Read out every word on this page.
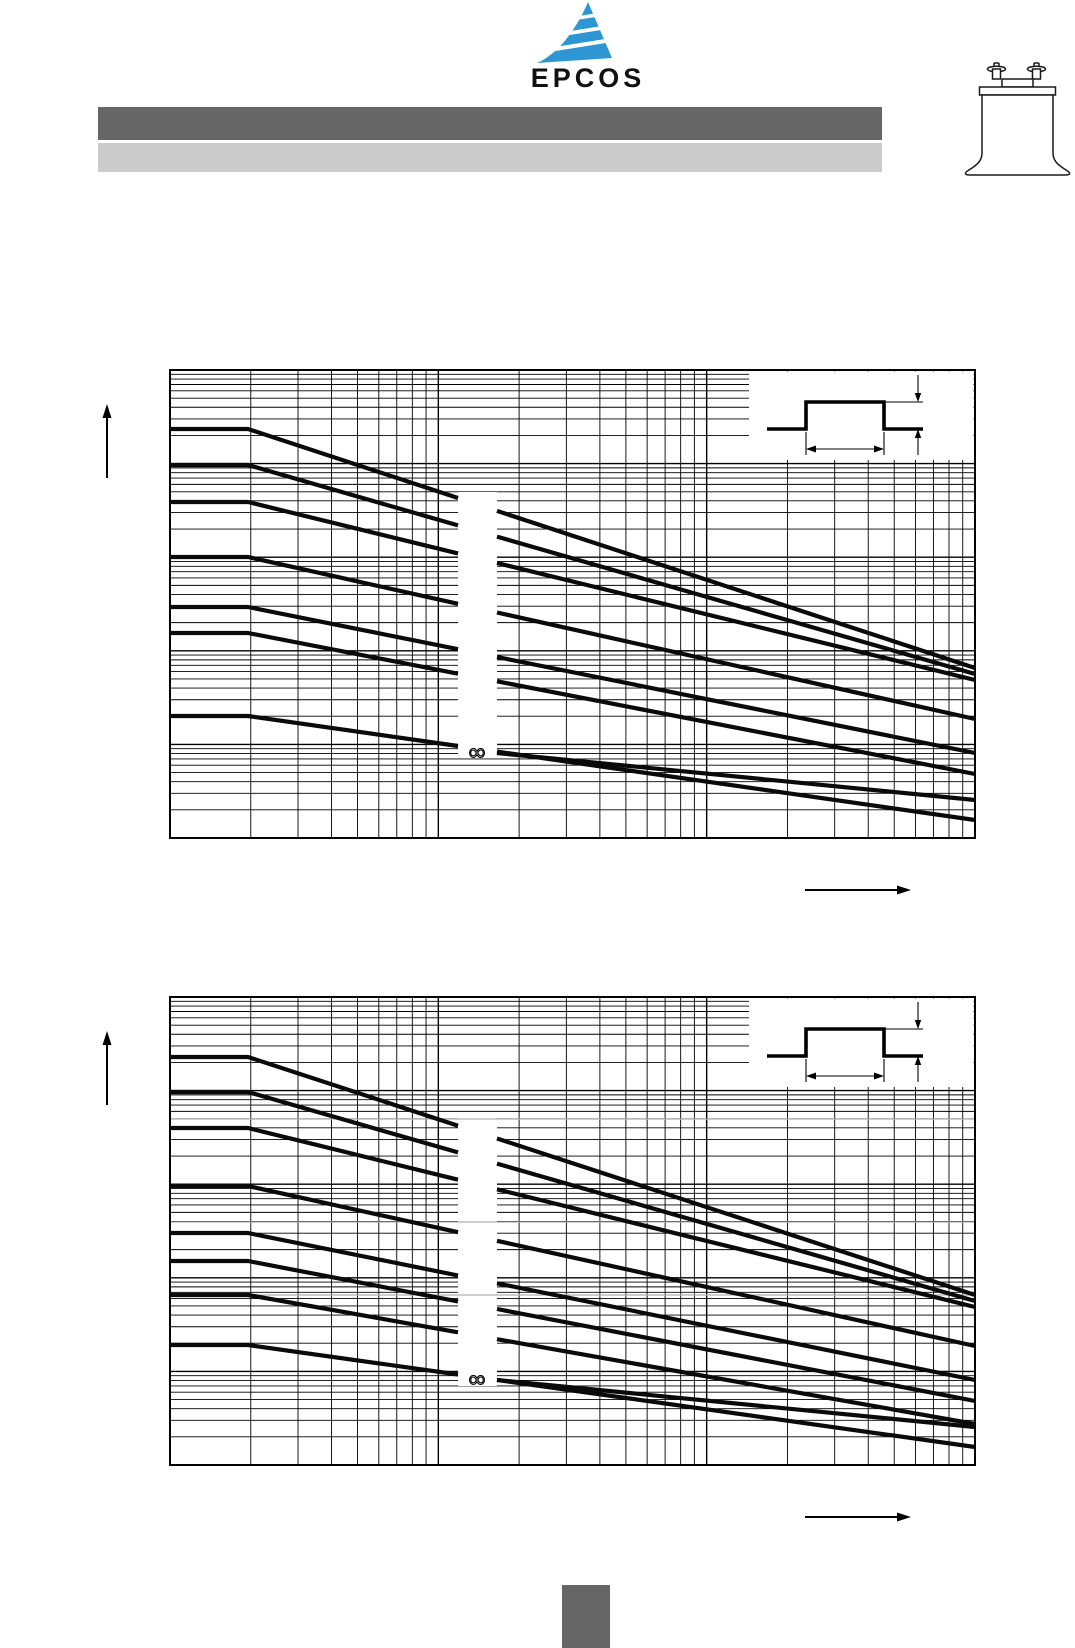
EPCOS
∞
∞
